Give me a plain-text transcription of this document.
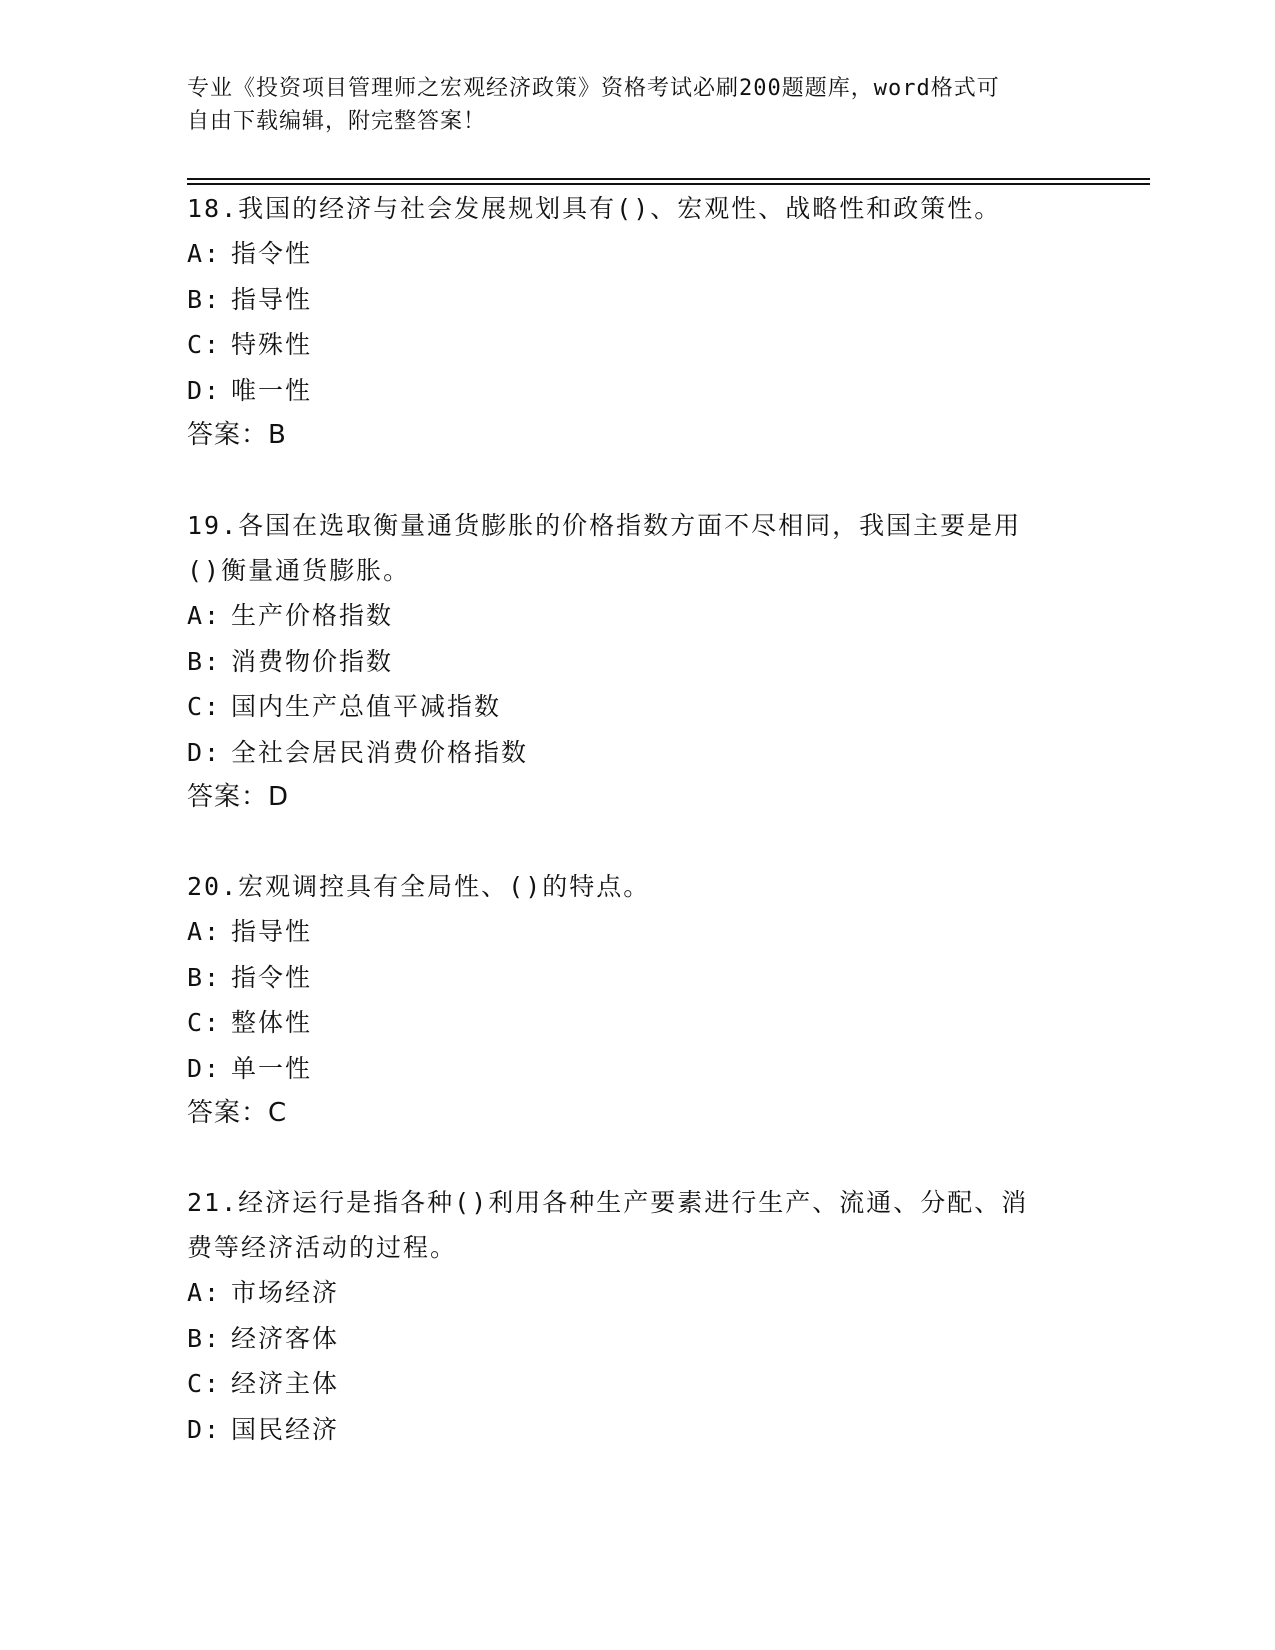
专业《投资项目管理师之宏观经济政策》资格考试必刷200题题库，word格式可
自由下载编辑，附完整答案！
18.我国的经济与社会发展规划具有()、宏观性、战略性和政策性。
A: 指令性
B: 指导性
C: 特殊性
D: 唯一性
答案：B
19.各国在选取衡量通货膨胀的价格指数方面不尽相同，我国主要是用
()衡量通货膨胀。
A: 生产价格指数
B: 消费物价指数
C: 国内生产总值平减指数
D: 全社会居民消费价格指数
答案：D
20.宏观调控具有全局性、()的特点。
A: 指导性
B: 指令性
C: 整体性
D: 单一性
答案：C
21.经济运行是指各种()利用各种生产要素进行生产、流通、分配、消
费等经济活动的过程。
A: 市场经济
B: 经济客体
C: 经济主体
D: 国民经济
